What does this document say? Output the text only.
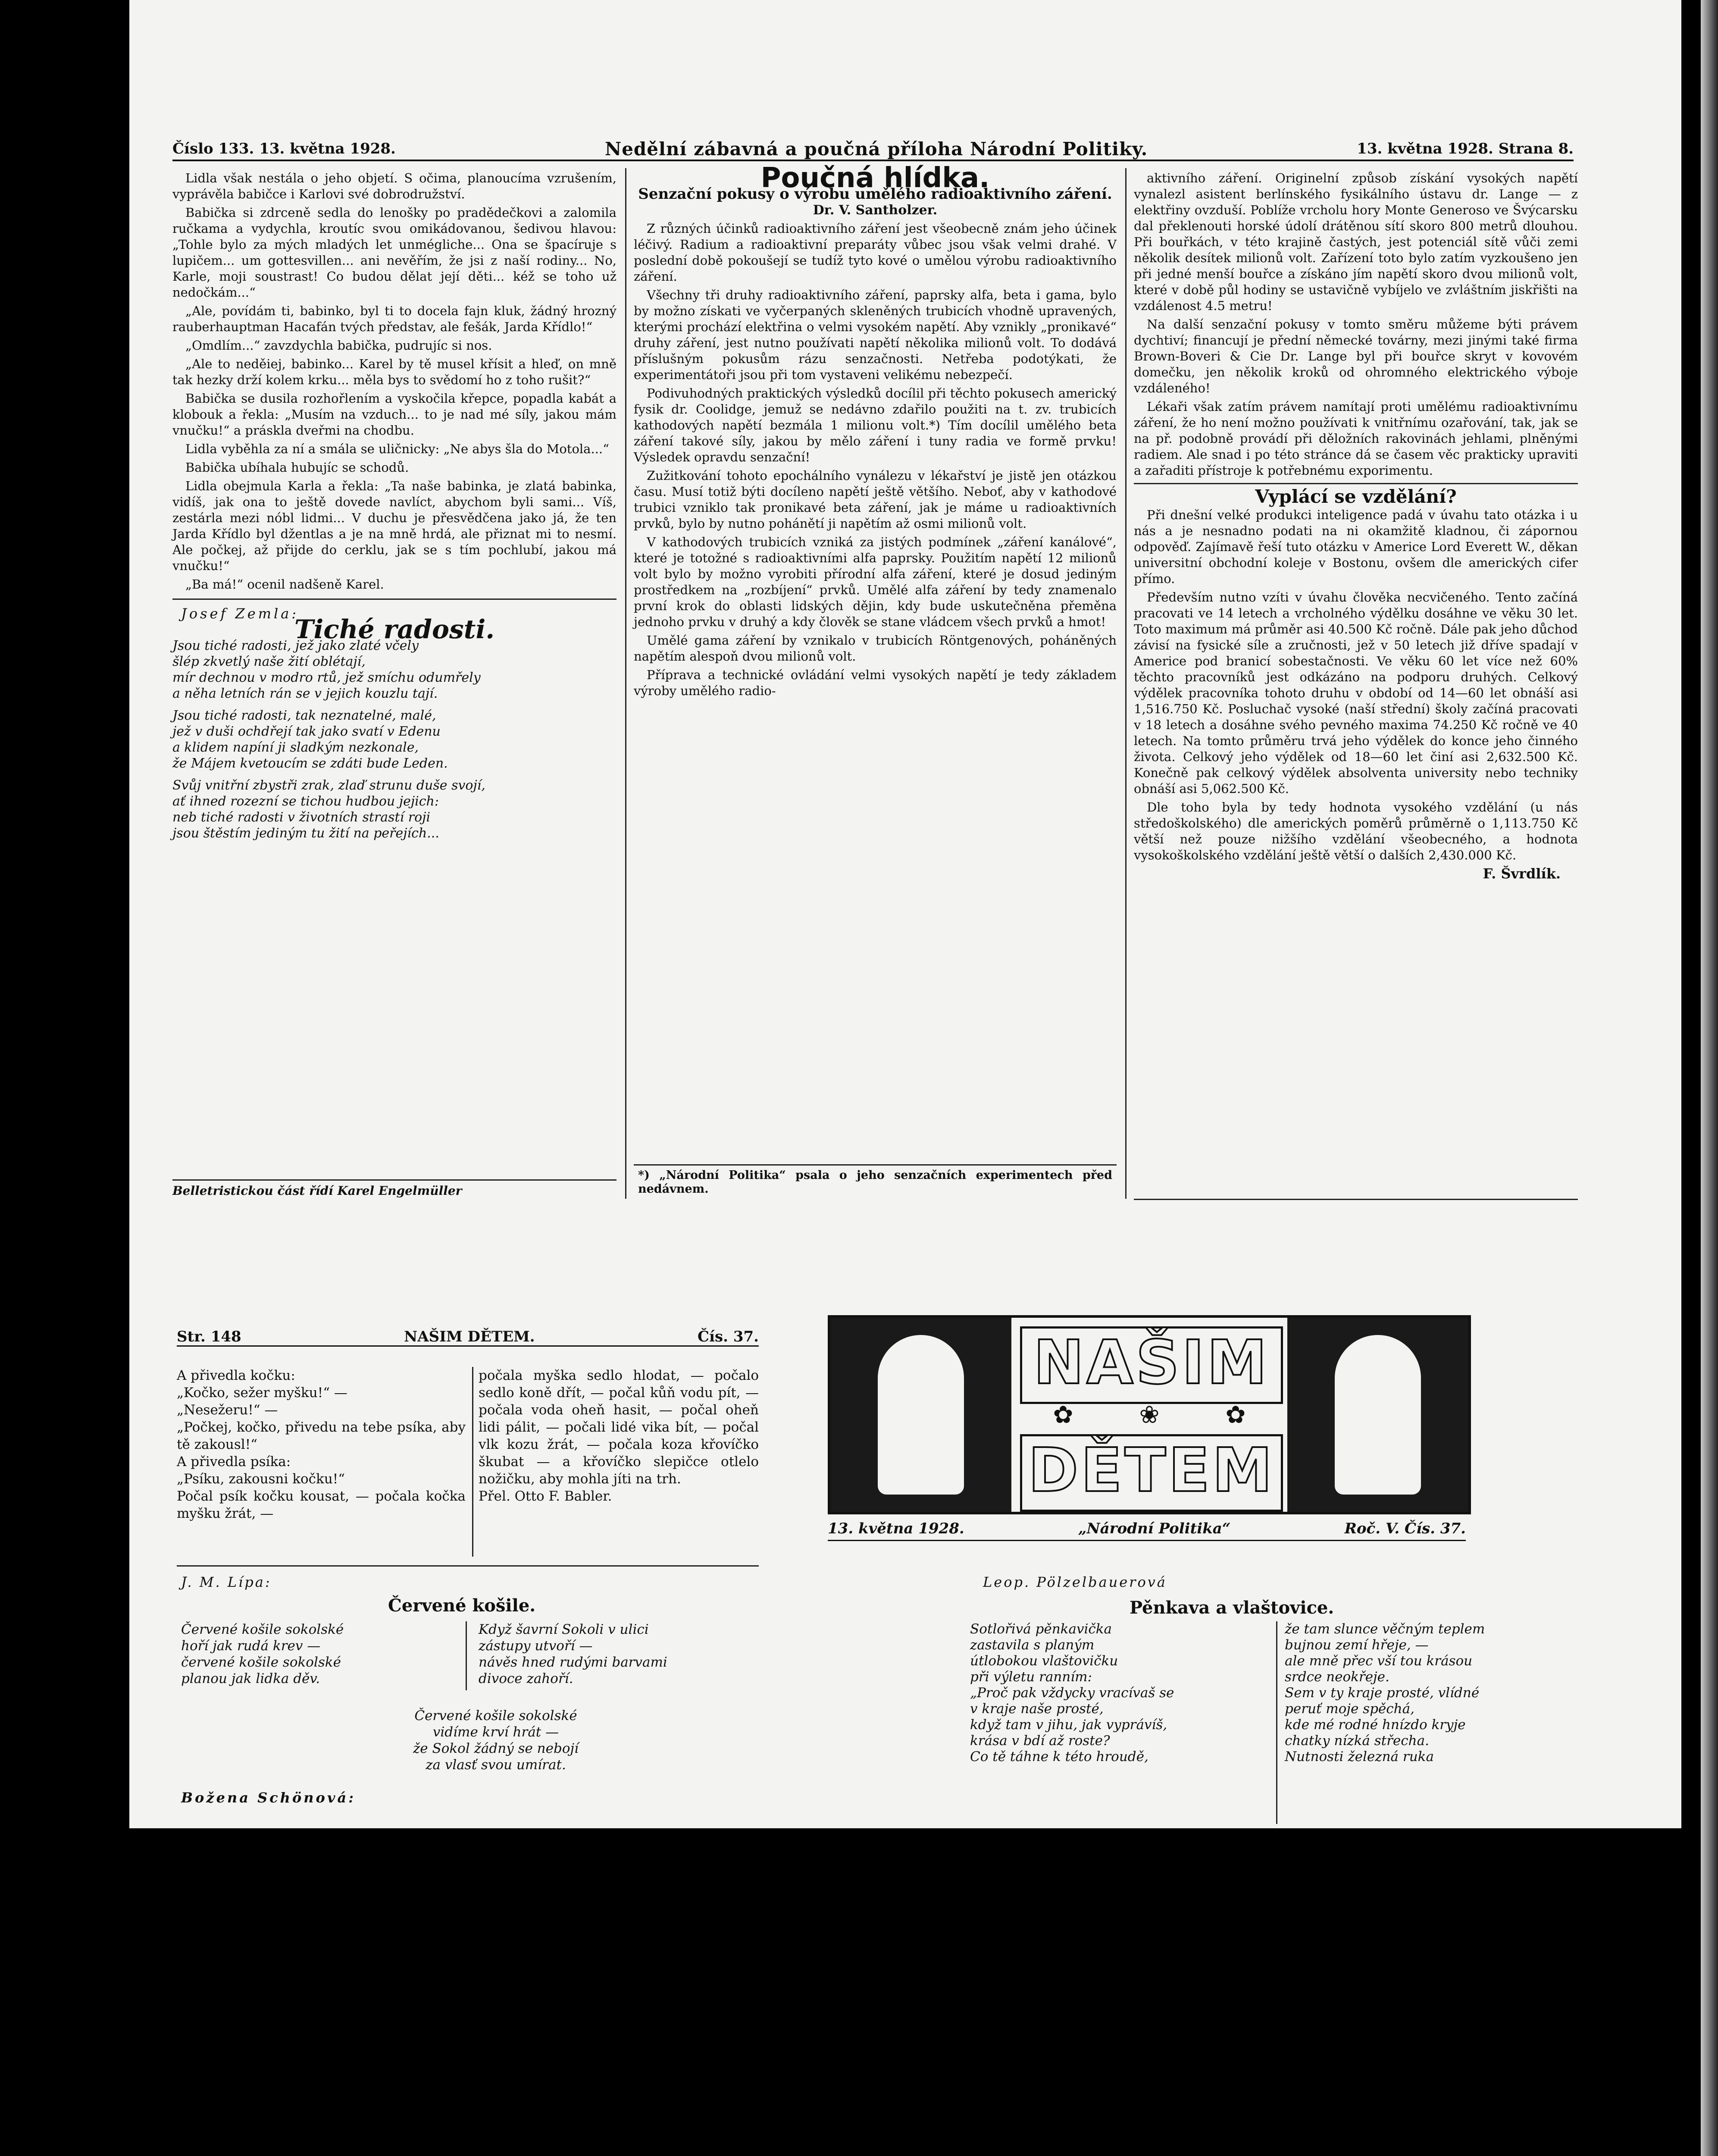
Číslo 133. 13. května 1928.	Nedělní zábavná a poučná příloha Národní Politiky.	13. května 1928. Strana 8.

Lidla však nestála o jeho objetí. S očima, planoucíma vzrušením, vyprávěla babičce i Karlovi své dobrodružství.

Babička si zdrceně sedla do lenošky po pradědečkovi a zalomila ručkama a vydychla, kroutíc svou omikádovanou, šedivou hlavou: „Tohle bylo za mých mladých let unmégliche... Ona se špacíruje s lupičem... um gottesvillen... ani nevěřím, že jsi z naší rodiny... No, Karle, moji soustrast! Co budou dělat její děti... kéž se toho už nedočkám...“

„Ale, povídám ti, babinko, byl ti to docela fajn kluk, žádný hrozný rauberhauptman Hacafán tvých představ, ale fešák, Jarda Křídlo!“

„Omdlím...“ zavzdychla babička, pudrujíc si nos.

„Ale to neděiej, babinko... Karel by tě musel křísit a hleď, on mně tak hezky drží kolem krku... měla bys to svědomí ho z toho rušit?“

Babička se dusila rozhořlením a vyskočila křepce, popadla kabát a klobouk a řekla: „Musím na vzduch... to je nad mé síly, jakou mám vnučku!“ a práskla dveřmi na chodbu.

Lidla vyběhla za ní a smála se uličnicky: „Ne abys šla do Motola...“

Babička ubíhala hubujíc se schodů.

Lidla obejmula Karla a řekla: „Ta naše babinka, je zlatá babinka, vidíš, jak ona to ještě dovede navlíct, abychom byli sami... Víš, zestárla mezi nóbl lidmi... V duchu je přesvědčena jako já, že ten Jarda Křídlo byl džentlas a je na mně hrdá, ale přiznat mi to nesmí. Ale počkej, až přijde do cerklu, jak se s tím pochlubí, jakou má vnučku!“

„Ba má!“ ocenil nadšeně Karel.

Josef Zemla:
Tiché radosti.
Jsou tiché radosti, jež jako zlaté včely
šlép zkvetlý naše žití oblétají,
mír dechnou v modro rtů, jež smíchu odumřely
a něha letních rán se v jejich kouzlu tají.
Jsou tiché radosti, tak neznatelné, malé,
jež v duši ochdřejí tak jako svatí v Edenu
a klidem napíní ji sladkým nezkonale,
že Májem kvetoucím se zdáti bude Leden.
Svůj vnitřní zbystři zrak, zlaď strunu duše svojí,
ať ihned rozezní se tichou hudbou jejich:
neb tiché radosti v životních strastí roji
jsou štěstím jediným tu žití na peřejích...
Belletristickou část řídí Karel Engelmüller
Poučná hlídka.
Senzační pokusy o výrobu umělého radioaktivního záření.
Dr. V. Santholzer.

Z různých účinků radioaktivního záření jest všeobecně znám jeho účinek léčivý. Radium a radioaktivní preparáty vůbec jsou však velmi drahé. V poslední době pokoušejí se tudíž tyto kové o umělou výrobu radioaktivního záření.

Všechny tři druhy radioaktivního záření, paprsky alfa, beta i gama, bylo by možno získati ve vyčerpaných skleněných trubicích vhodně upravených, kterými prochází elektřina o velmi vysokém napětí. Aby vznikly „pronikavé“ druhy záření, jest nutno používati napětí několika milionů volt. To dodává příslušným pokusům rázu senzačnosti. Netřeba podotýkati, že experimentátoři jsou při tom vystaveni velikému nebezpečí.

Podivuhodných praktických výsledků docílil při těchto pokusech americký fysik dr. Coolidge, jemuž se nedávno zdařilo použiti na t. zv. trubicích kathodových napětí bezmála 1 milionu volt.*) Tím docílil umělého beta záření takové síly, jakou by mělo záření i tuny radia ve formě prvku! Výsledek opravdu senzační!

Zužitkování tohoto epochálního vynálezu v lékařství je jistě jen otázkou času. Musí totiž býti docíleno napětí ještě většího. Neboť, aby v kathodové trubici vzniklo tak pronikavé beta záření, jak je máme u radioaktivních prvků, bylo by nutno pohánětí ji napětím až osmi milionů volt.

V kathodových trubicích vzniká za jistých podmínek „záření kanálové“, které je totožné s radioaktivními alfa paprsky. Použitím napětí 12 milionů volt bylo by možno vyrobiti přírodní alfa záření, které je dosud jediným prostředkem na „rozbíjení“ prvků. Umělé alfa záření by tedy znamenalo první krok do oblasti lidských dějin, kdy bude uskutečněna přeměna jednoho prvku v druhý a kdy člověk se stane vládcem všech prvků a hmot!

Umělé gama záření by vznikalo v trubicích Röntgenových, poháněných napětím alespoň dvou milionů volt.

Příprava a technické ovládání velmi vysokých napětí je tedy základem výroby umělého radio-

*) „Národní Politika“ psala o jeho senzačních experimentech před nedávnem.

aktivního záření. Originelní způsob získání vysokých napětí vynalezl asistent berlínského fysikálního ústavu dr. Lange — z elektřiny ovzduší. Poblíže vrcholu hory Monte Generoso ve Švýcarsku dal překlenouti horské údolí drátěnou sítí skoro 800 metrů dlouhou. Při bouřkách, v této krajině častých, jest potenciál sítě vůči zemi několik desítek milionů volt. Zařízení toto bylo zatím vyzkoušeno jen při jedné menší bouřce a získáno jím napětí skoro dvou milionů volt, které v době půl hodiny se ustavičně vybíjelo ve zvláštním jiskřišti na vzdálenost 4.5 metru!

Na další senzační pokusy v tomto směru můžeme býti právem dychtiví; financují je přední německé továrny, mezi jinými také firma Brown-Boveri & Cie Dr. Lange byl při bouřce skryt v kovovém domečku, jen několik kroků od ohromného elektrického výboje vzdáleného!

Lékaři však zatím právem namítají proti umělému radioaktivnímu záření, že ho není možno používati k vnitřnímu ozařování, tak, jak se na př. podobně provádí při děložních rakovinách jehlami, plněnými radiem. Ale snad i po této stránce dá se časem věc prakticky upraviti a zařaditi přístroje k potřebnému exporimentu.

Vyplácí se vzdělání?

Při dnešní velké produkci inteligence padá v úvahu tato otázka i u nás a je nesnadno podati na ni okamžitě kladnou, či zápornou odpověď. Zajímavě řeší tuto otázku v Americe Lord Everett W., děkan universitní obchodní koleje v Bostonu, ovšem dle amerických cifer přímo.

Především nutno vzíti v úvahu člověka necvičeného. Tento začíná pracovati ve 14 letech a vrcholného výdělku dosáhne ve věku 30 let. Toto maximum má průměr asi 40.500 Kč ročně. Dále pak jeho důchod závisí na fysické síle a zručnosti, jež v 50 letech již dříve spadají v Americe pod branicí sobestačnosti. Ve věku 60 let více než 60% těchto pracovníků jest odkázáno na podporu druhých. Celkový výdělek pracovníka tohoto druhu v období od 14—60 let obnáší asi 1,516.750 Kč. Posluchač vysoké (naší střední) školy začíná pracovati v 18 letech a dosáhne svého pevného maxima 74.250 Kč ročně ve 40 letech. Na tomto průměru trvá jeho výdělek do konce jeho činného života. Celkový jeho výdělek od 18—60 let činí asi 2,632.500 Kč. Konečně pak celkový výdělek absolventa university nebo techniky obnáší asi 5,062.500 Kč.

Dle toho byla by tedy hodnota vysokého vzdělání (u nás středoškolského) dle amerických poměrů průměrně o 1,113.750 Kč větší než pouze nižšího vzdělání všeobecného, a hodnota vysokoškolského vzdělání ještě větší o dalších 2,430.000 Kč.

F. Švrdlík.
Str. 148	NAŠIM DĚTEM.	Čís. 37.
A přivedla kočku:
„Kočko, sežer myšku!“ —
„Nesežeru!“ —
„Počkej, kočko, přivedu na tebe psíka, aby tě zakousl!“
A přivedla psíka:
„Psíku, zakousni kočku!“
Počal psík kočku kousat, — počala kočka myšku žrát, —
počala myška sedlo hlodat, — počalo sedlo koně dřít, — počal kůň vodu pít, — počala voda oheň hasit, — počal oheň lidi pálit, — počali lidé vika bít, — počal vlk kozu žrát, — počala koza křovíčko škubat — a křovíčko slepičce otlelo nožičku, aby mohla jíti na trh.
Přel. Otto F. Babler.
J. M. Lípa:
Červené košile.
Červené košile sokolské
hoří jak rudá krev —
červené košile sokolské
planou jak lidka děv.
Když šavrní Sokoli v ulici
zástupy utvoří —
návěs hned rudými barvami
divoce zahoří.
Červené košile sokolské
vidíme krví hrát —
že Sokol žádný se nebojí
za vlasť svou umírat.
Božena Schönová:
NAŠIM
✿	❀	✿
DĚTEM
13. května 1928.	„Národní Politika“	Roč. V. Čís. 37.
Leop. Pölzelbauerová
Pěnkava a vlaštovice.
Sotlořivá pěnkavička
zastavila s planým
útlobokou vlaštovičku
při výletu ranním:
„Proč pak vždycky vracívaš se
v kraje naše prosté,
když tam v jihu, jak vyprávíš,
krása v bdí až roste?
Co tě táhne k této hroudě,
že tam slunce věčným teplem
bujnou zemí hřeje, —
ale mně přec vší tou krásou
srdce neokřeje.
Sem v ty kraje prosté, vlídné
peruť moje spěchá,
kde mé rodné hnízdo kryje
chatky nízká střecha.
Nutnosti železná ruka
